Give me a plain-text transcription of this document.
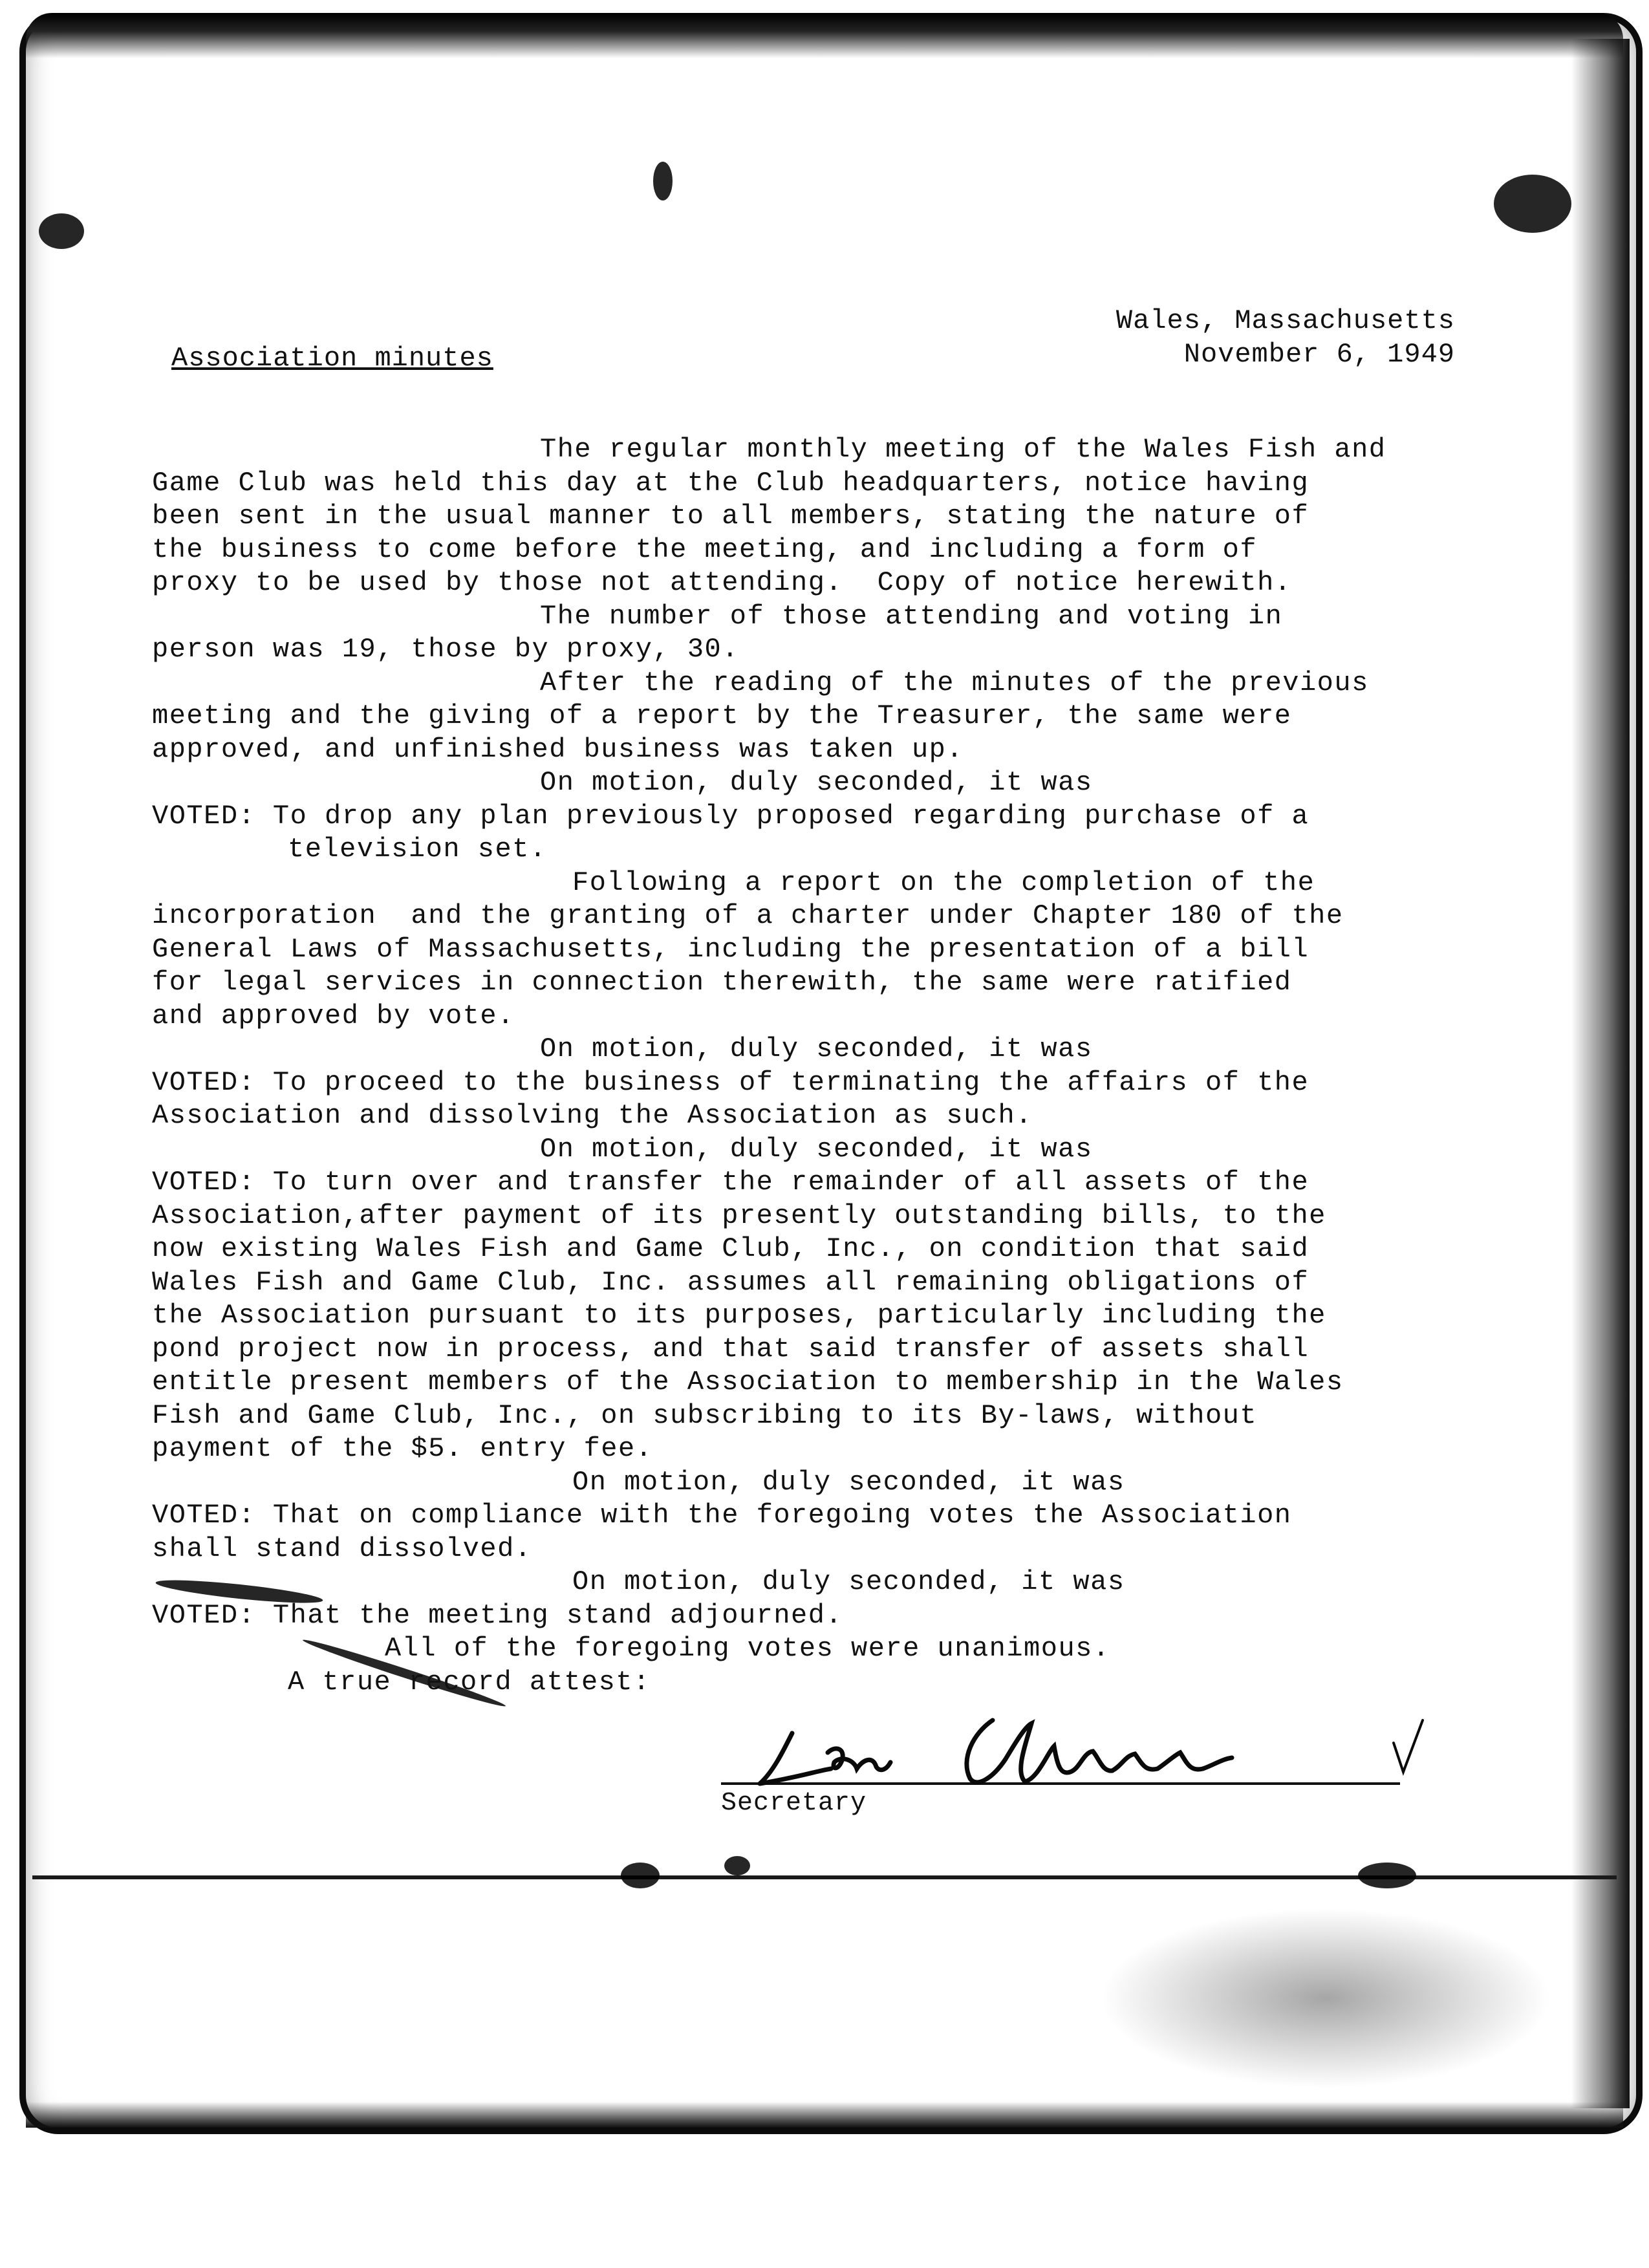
Wales, Massachusetts
November 6, 1949
Association minutes
The regular monthly meeting of the Wales Fish and
Game Club was held this day at the Club headquarters, notice having
been sent in the usual manner to all members, stating the nature of
the business to come before the meeting, and including a form of
proxy to be used by those not attending.  Copy of notice herewith.
The number of those attending and voting in
person was 19, those by proxy, 30.
After the reading of the minutes of the previous
meeting and the giving of a report by the Treasurer, the same were
approved, and unfinished business was taken up.
On motion, duly seconded, it was
VOTED: To drop any plan previously proposed regarding purchase of a
television set.
Following a report on the completion of the
incorporation  and the granting of a charter under Chapter 180 of the
General Laws of Massachusetts, including the presentation of a bill
for legal services in connection therewith, the same were ratified
and approved by vote.
On motion, duly seconded, it was
VOTED: To proceed to the business of terminating the affairs of the
Association and dissolving the Association as such.
On motion, duly seconded, it was
VOTED: To turn over and transfer the remainder of all assets of the
Association,after payment of its presently outstanding bills, to the
now existing Wales Fish and Game Club, Inc., on condition that said
Wales Fish and Game Club, Inc. assumes all remaining obligations of
the Association pursuant to its purposes, particularly including the
pond project now in process, and that said transfer of assets shall
entitle present members of the Association to membership in the Wales
Fish and Game Club, Inc., on subscribing to its By-laws, without
payment of the $5. entry fee.
On motion, duly seconded, it was
VOTED: That on compliance with the foregoing votes the Association
shall stand dissolved.
On motion, duly seconded, it was
VOTED: That the meeting stand adjourned.
All of the foregoing votes were unanimous.
A true record attest:
Secretary
